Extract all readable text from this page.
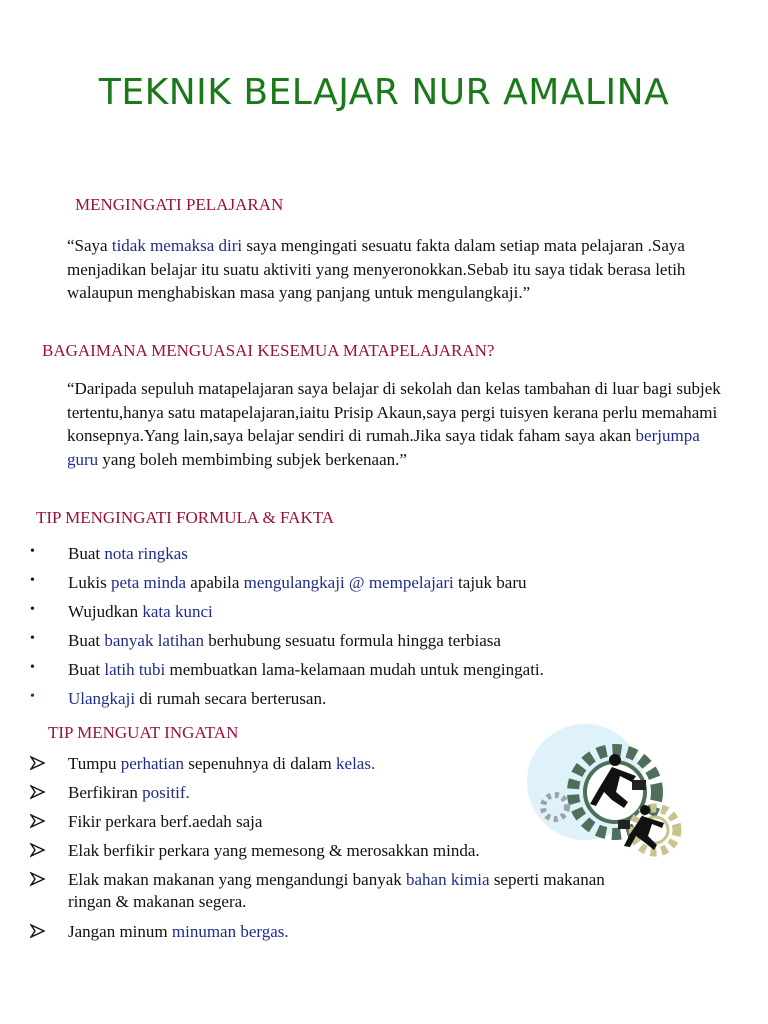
TEKNIK BELAJAR NUR AMALINA
MENGINGATI PELAJARAN

“Saya tidak memaksa diri saya mengingati sesuatu fakta dalam setiap mata pelajaran .Saya menjadikan belajar itu suatu aktiviti yang menyeronokkan.Sebab itu saya tidak berasa letih walaupun menghabiskan masa yang panjang untuk mengulangkaji.”

BAGAIMANA MENGUASAI KESEMUA MATAPELAJARAN?

“Daripada sepuluh matapelajaran saya belajar di sekolah dan kelas tambahan di luar bagi subjek tertentu,hanya satu matapelajaran,iaitu Prisip Akaun,saya pergi tuisyen kerana perlu memahami konsepnya.Yang lain,saya belajar sendiri di rumah.Jika saya tidak faham saya akan berjumpa guru yang boleh membimbing subjek berkenaan.”

TIP MENGINGATI FORMULA & FAKTA
• Buat nota ringkas
• Lukis peta minda apabila mengulangkaji @ mempelajari tajuk baru
• Wujudkan kata kunci
• Buat banyak latihan berhubung sesuatu formula hingga terbiasa
• Buat latih tubi membuatkan lama-kelamaan mudah untuk mengingati.
• Ulangkaji di rumah secara berterusan.
TIP MENGUAT INGATAN
Tumpu perhatian sepenuhnya di dalam kelas.
Berfikiran positif.
Fikir perkara berf.aedah saja
Elak berfikir perkara yang memesong & merosakkan minda.
Elak makan makanan yang mengandungi banyak bahan kimia seperti makanan
ringan & makanan segera.
Jangan minum minuman bergas.
